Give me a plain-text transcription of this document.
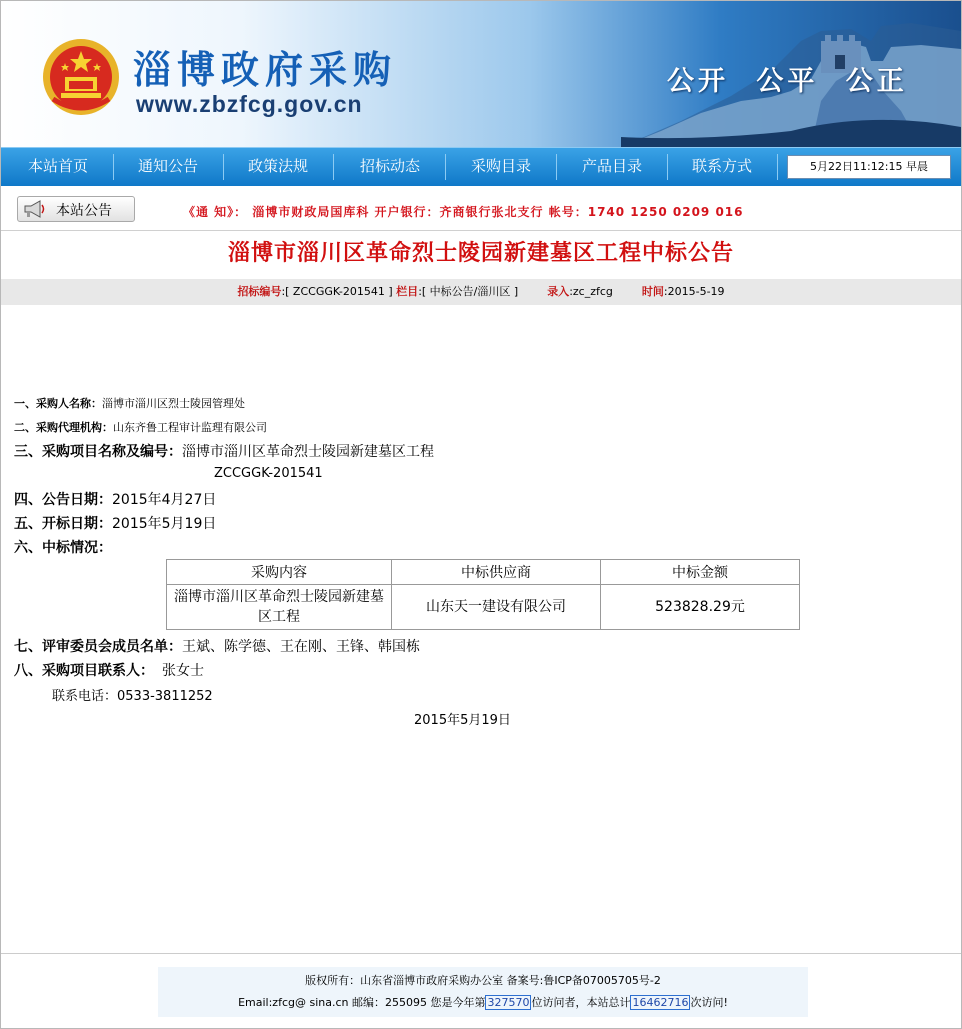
淄博政府采购
www.zbzfcg.gov.cn
公开 公平 公正
本站首页	通知公告	政策法规	招标动态	采购目录	产品目录	联系方式	5月22日11:12:15 早晨
本站公告	《通 知》： 淄博市财政局国库科 开户银行：齐商银行张北支行 帐号：1740 1250 0209 016
淄博市淄川区革命烈士陵园新建墓区工程中标公告
招标编号:[ ZCCGGK-201541 ] 栏目:[ 中标公告/淄川区 ]	录入:zc_zfcg	时间:2015-5-19
一、采购人名称：淄博市淄川区烈士陵园管理处
二、采购代理机构：山东齐鲁工程审计监理有限公司
三、采购项目名称及编号：淄博市淄川区革命烈士陵园新建墓区工程
ZCCGGK-201541
四、公告日期：2015年4月27日
五、开标日期：2015年5月19日
六、中标情况：
采购内容	中标供应商	中标金额
淄博市淄川区革命烈士陵园新建墓区工程	山东天一建设有限公司	523828.29元
七、评审委员会成员名单：王斌、陈学德、王在刚、王锋、韩国栋
八、采购项目联系人： 张女士
联系电话：0533-3811252
2015年5月19日
版权所有：山东省淄博市政府采购办公室 备案号:鲁ICP备07005705号-2
Email:zfcg@ sina.cn 邮编：255095 您是今年第 327570 位访问者，本站总计 16462716 次访问!
